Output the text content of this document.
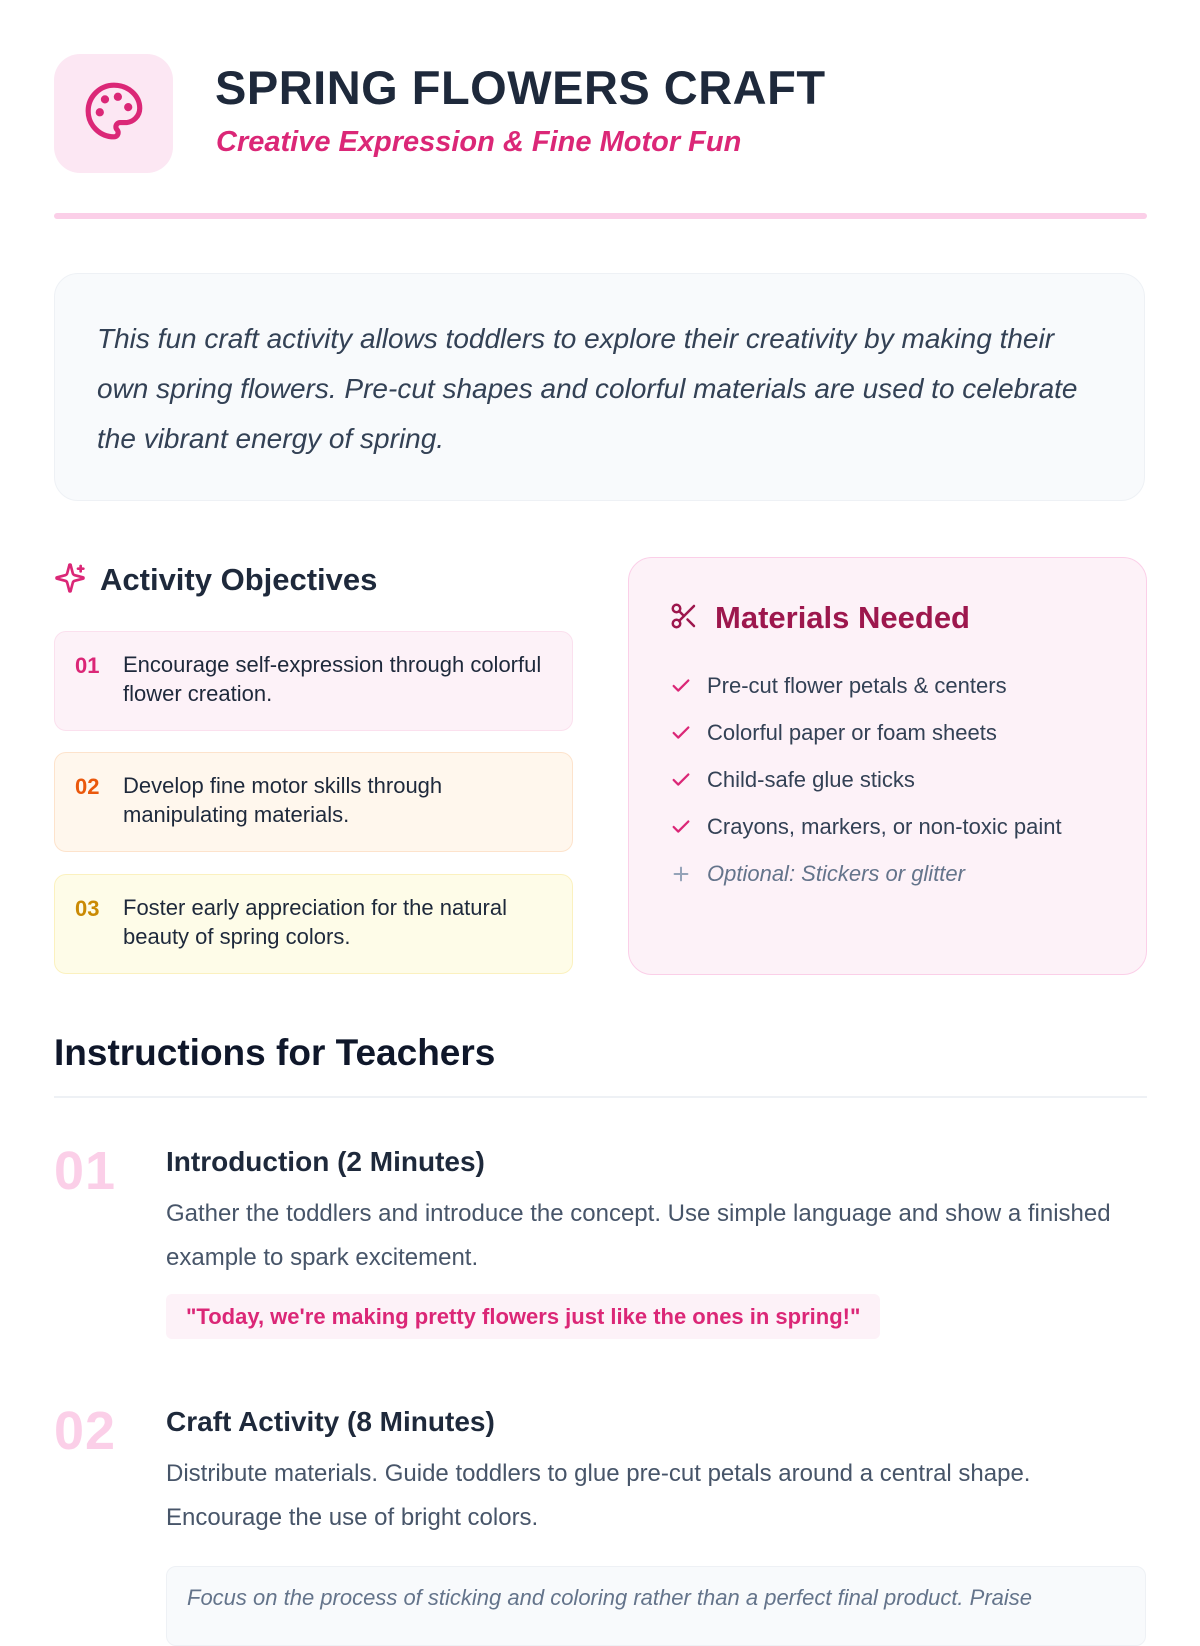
SPRING FLOWERS CRAFT
Creative Expression & Fine Motor Fun

This fun craft activity allows toddlers to explore their creativity by making their own spring flowers. Pre-cut shapes and colorful materials are used to celebrate the vibrant energy of spring.

Activity Objectives
01	Encourage self-expression through colorful flower creation.
02	Develop fine motor skills through manipulating materials.
03	Foster early appreciation for the natural beauty of spring colors.
Materials Needed
Pre-cut flower petals & centers
Colorful paper or foam sheets
Child-safe glue sticks
Crayons, markers, or non-toxic paint
Optional: Stickers or glitter
Instructions for Teachers
01 Introduction (2 Minutes)
Gather the toddlers and introduce the concept. Use simple language and show a finished example to spark excitement.
"Today, we're making pretty flowers just like the ones in spring!"
02 Craft Activity (8 Minutes)
Distribute materials. Guide toddlers to glue pre-cut petals around a central shape. Encourage the use of bright colors.
Focus on the process of sticking and coloring rather than a perfect final product. Praise
